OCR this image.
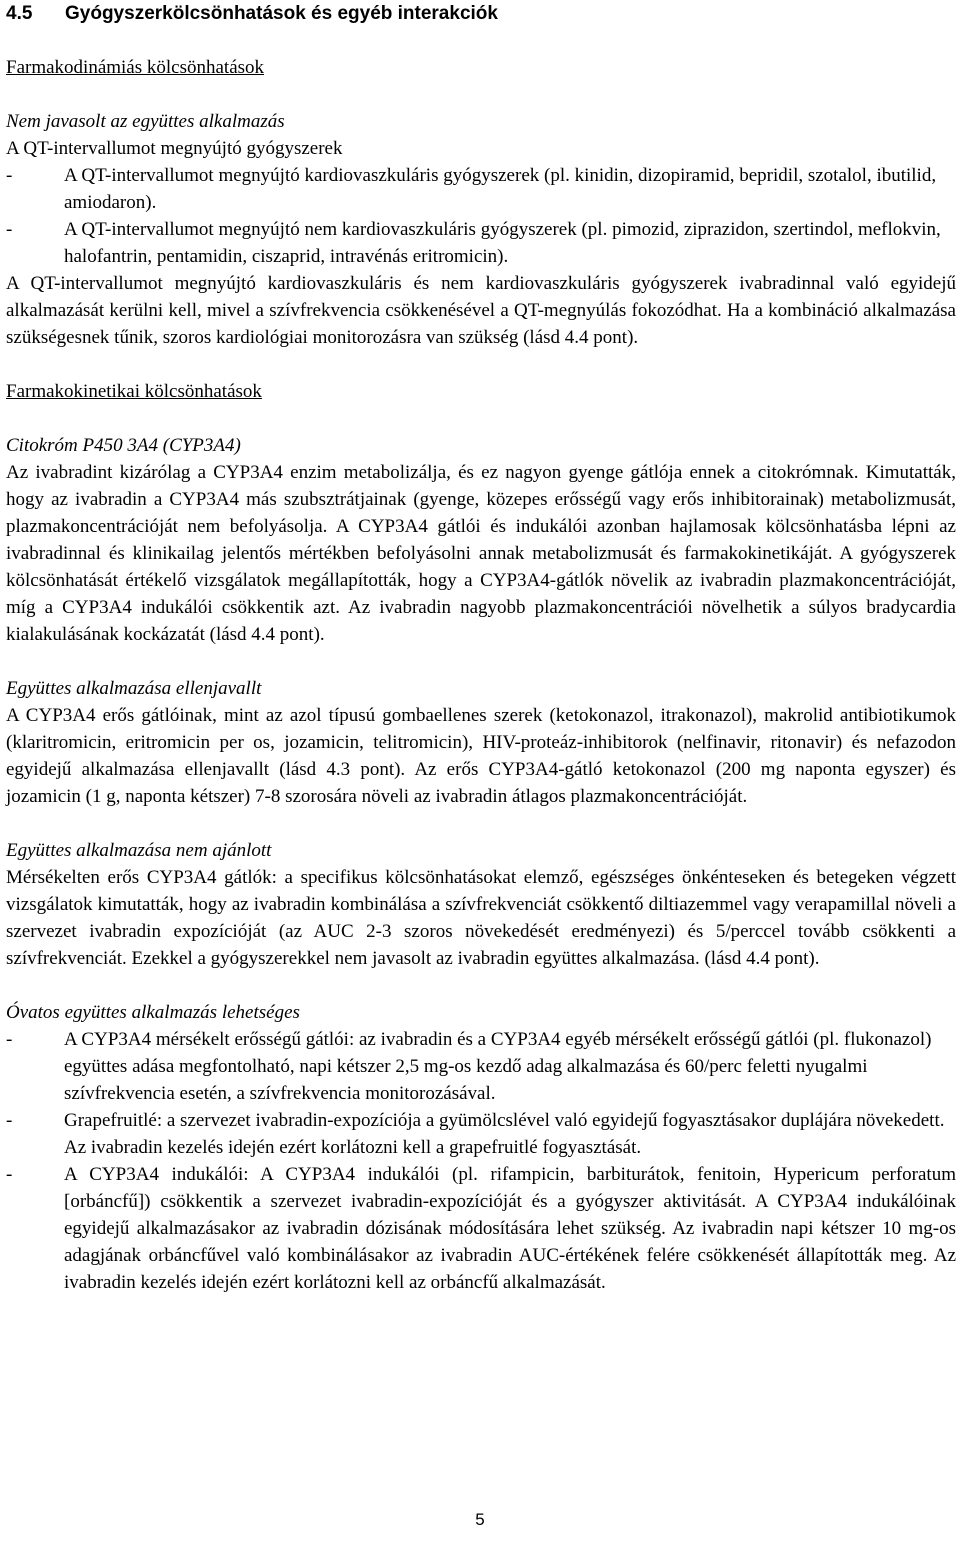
4.5 Gyógyszerkölcsönhatások és egyéb interakciók

Farmakodinámiás kölcsönhatások

Nem javasolt az együttes alkalmazás

A QT-intervallumot megnyújtó gyógyszerek

-	A QT-intervallumot megnyújtó kardiovaszkuláris gyógyszerek (pl. kinidin, dizopiramid, bepridil, szotalol, ibutilid, amiodaron).
-	A QT-intervallumot megnyújtó nem kardiovaszkuláris gyógyszerek (pl. pimozid, ziprazidon, szertindol, meflokvin, halofantrin, pentamidin, ciszaprid, intravénás eritromicin).

A QT-intervallumot megnyújtó kardiovaszkuláris és nem kardiovaszkuláris gyógyszerek ivabradinnal való egyidejű alkalmazását kerülni kell, mivel a szívfrekvencia csökkenésével a QT-megnyúlás fokozódhat. Ha a kombináció alkalmazása szükségesnek tűnik, szoros kardiológiai monitorozásra van szükség (lásd 4.4 pont).

Farmakokinetikai kölcsönhatások

Citokróm P450 3A4 (CYP3A4)

Az ivabradint kizárólag a CYP3A4 enzim metabolizálja, és ez nagyon gyenge gátlója ennek a citokrómnak. Kimutatták, hogy az ivabradin a CYP3A4 más szubsztrátjainak (gyenge, közepes erősségű vagy erős inhibitorainak) metabolizmusát, plazmakoncentrációját nem befolyásolja. A CYP3A4 gátlói és indukálói azonban hajlamosak kölcsönhatásba lépni az ivabradinnal és klinikailag jelentős mértékben befolyásolni annak metabolizmusát és farmakokinetikáját. A gyógyszerek kölcsönhatását értékelő vizsgálatok megállapították, hogy a CYP3A4-gátlók növelik az ivabradin plazmakoncentrációját, míg a CYP3A4 indukálói csökkentik azt. Az ivabradin nagyobb plazmakoncentrációi növelhetik a súlyos bradycardia kialakulásának kockázatát (lásd 4.4 pont).

Együttes alkalmazása ellenjavallt

A CYP3A4 erős gátlóinak, mint az azol típusú gombaellenes szerek (ketokonazol, itrakonazol), makrolid antibiotikumok (klaritromicin, eritromicin per os, jozamicin, telitromicin), HIV-proteáz-inhibitorok (nelfinavir, ritonavir) és nefazodon egyidejű alkalmazása ellenjavallt (lásd 4.3 pont). Az erős CYP3A4-gátló ketokonazol (200 mg naponta egyszer) és jozamicin (1 g, naponta kétszer) 7-8 szorosára növeli az ivabradin átlagos plazmakoncentrációját.

Együttes alkalmazása nem ajánlott

Mérsékelten erős CYP3A4 gátlók: a specifikus kölcsönhatásokat elemző, egészséges önkénteseken és betegeken végzett vizsgálatok kimutatták, hogy az ivabradin kombinálása a szívfrekvenciát csökkentő diltiazemmel vagy verapamillal növeli a szervezet ivabradin expozícióját (az AUC 2-3 szoros növekedését eredményezi) és 5/perccel tovább csökkenti a szívfrekvenciát. Ezekkel a gyógyszerekkel nem javasolt az ivabradin együttes alkalmazása. (lásd 4.4 pont).

Óvatos együttes alkalmazás lehetséges

-	A CYP3A4 mérsékelt erősségű gátlói: az ivabradin és a CYP3A4 egyéb mérsékelt erősségű gátlói (pl. flukonazol) együttes adása megfontolható, napi kétszer 2,5 mg-os kezdő adag alkalmazása és 60/perc feletti nyugalmi szívfrekvencia esetén, a szívfrekvencia monitorozásával.
-	Grapefruitlé: a szervezet ivabradin-expozíciója a gyümölcslével való egyidejű fogyasztásakor duplájára növekedett. Az ivabradin kezelés idején ezért korlátozni kell a grapefruitlé fogyasztását.
-	A CYP3A4 indukálói: A CYP3A4 indukálói (pl. rifampicin, barbiturátok, fenitoin, Hypericum perforatum [orbáncfű]) csökkentik a szervezet ivabradin-expozícióját és a gyógyszer aktivitását. A CYP3A4 indukálóinak egyidejű alkalmazásakor az ivabradin dózisának módosítására lehet szükség. Az ivabradin napi kétszer 10 mg-os adagjának orbáncfűvel való kombinálásakor az ivabradin AUC-értékének felére csökkenését állapították meg. Az ivabradin kezelés idején ezért korlátozni kell az orbáncfű alkalmazását.
5
